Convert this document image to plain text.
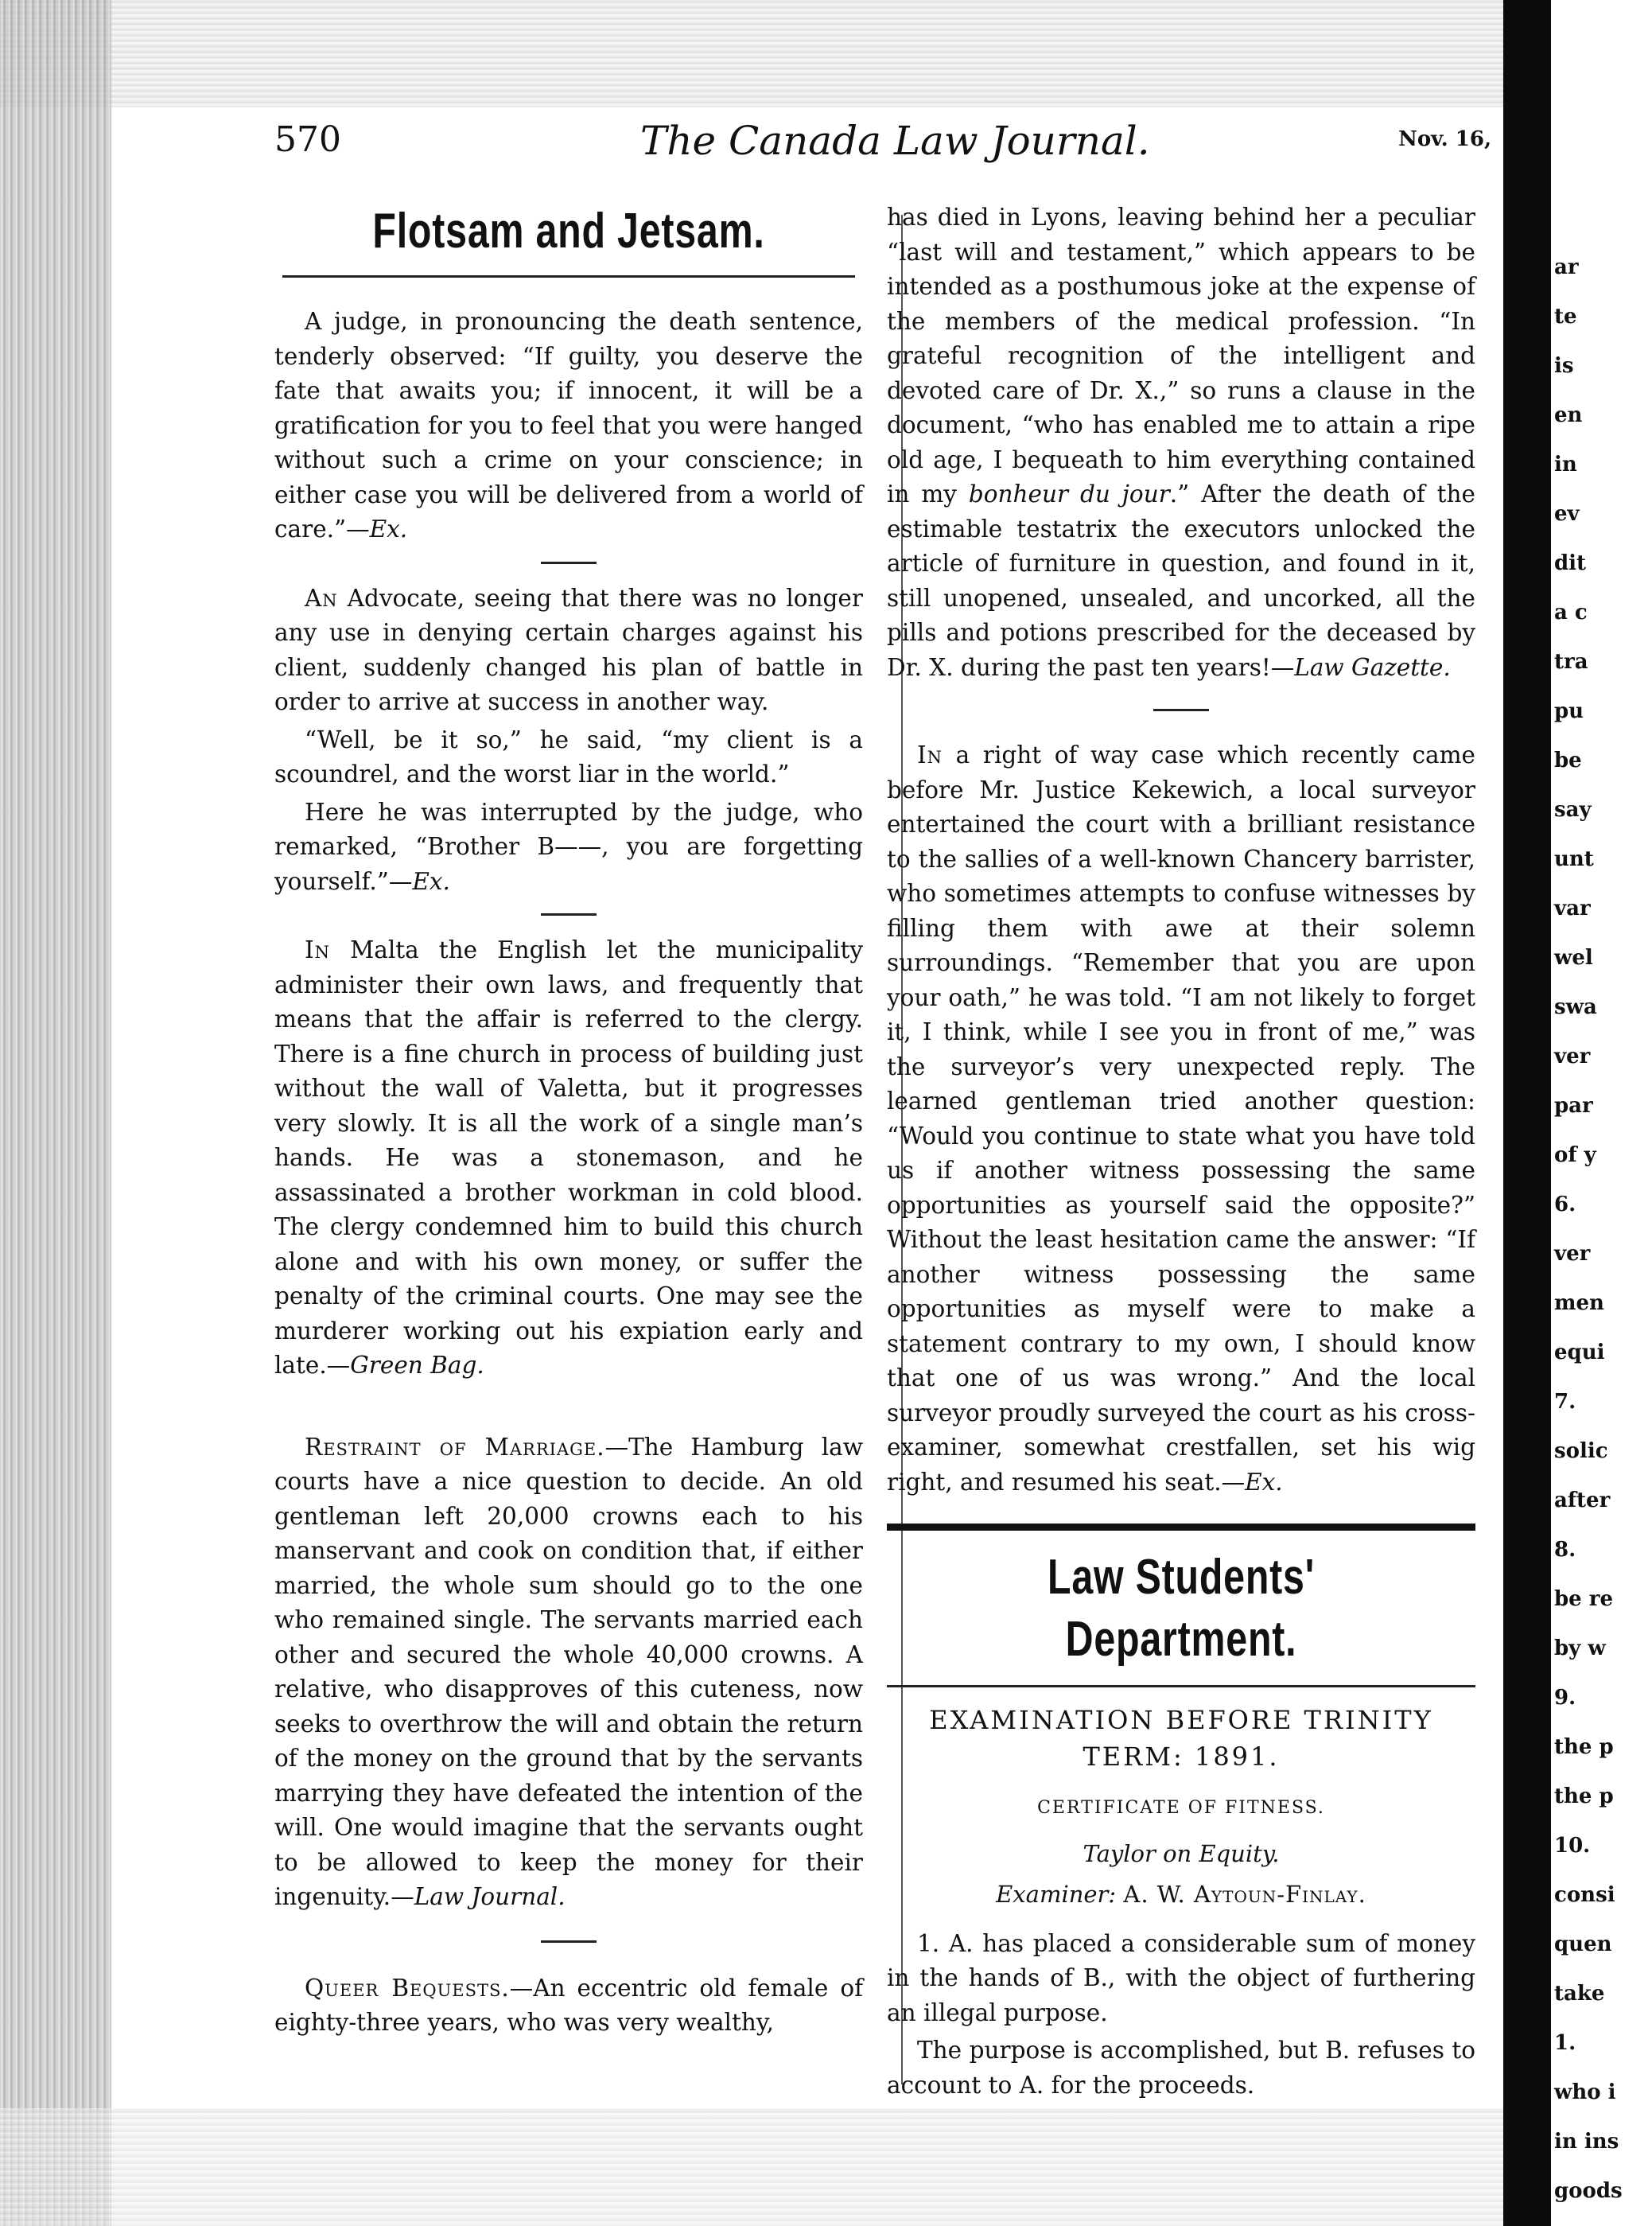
570	The Canada Law Journal.	Nov. 16,
Flotsam and Jetsam.

A judge, in pronouncing the death sentence, tenderly observed: “If guilty, you deserve the fate that awaits you; if innocent, it will be a gratification for you to feel that you were hanged without such a crime on your conscience; in either case you will be delivered from a world of care.”—Ex.

An Advocate, seeing that there was no longer any use in denying certain charges against his client, suddenly changed his plan of battle in order to arrive at success in another way.

“Well, be it so,” he said, “my client is a scoundrel, and the worst liar in the world.”

Here he was interrupted by the judge, who remarked, “Brother B——, you are forgetting yourself.”—Ex.

In Malta the English let the municipality administer their own laws, and frequently that means that the affair is referred to the clergy. There is a fine church in process of building just without the wall of Valetta, but it progresses very slowly. It is all the work of a single man’s hands. He was a stonemason, and he assassinated a brother workman in cold blood. The clergy condemned him to build this church alone and with his own money, or suffer the penalty of the criminal courts. One may see the murderer working out his expiation early and late.—Green Bag.

Restraint of Marriage.—The Hamburg law courts have a nice question to decide. An old gentleman left 20,000 crowns each to his manservant and cook on condition that, if either married, the whole sum should go to the one who remained single. The servants married each other and secured the whole 40,000 crowns. A relative, who disapproves of this cuteness, now seeks to overthrow the will and obtain the return of the money on the ground that by the servants marrying they have defeated the intention of the will. One would imagine that the servants ought to be allowed to keep the money for their ingenuity.—Law Journal.

Queer Bequests.—An eccentric old female of eighty-three years, who was very wealthy,

has died in Lyons, leaving behind her a peculiar “last will and testament,” which appears to be intended as a posthumous joke at the expense of the members of the medical profession. “In grateful recognition of the intelligent and devoted care of Dr. X.,” so runs a clause in the document, “who has enabled me to attain a ripe old age, I bequeath to him everything contained in my bonheur du jour.” After the death of the estimable testatrix the executors unlocked the article of furniture in question, and found in it, still unopened, unsealed, and uncorked, all the pills and potions prescribed for the deceased by Dr. X. during the past ten years!—Law Gazette.

In a right of way case which recently came before Mr. Justice Kekewich, a local surveyor entertained the court with a brilliant resistance to the sallies of a well-known Chancery barrister, who sometimes attempts to confuse witnesses by filling them with awe at their solemn surroundings. “Remember that you are upon your oath,” he was told. “I am not likely to forget it, I think, while I see you in front of me,” was the surveyor’s very unexpected reply. The learned gentleman tried another question: “Would you continue to state what you have told us if another witness possessing the same opportunities as yourself said the opposite?” Without the least hesitation came the answer: “If another witness possessing the same opportunities as myself were to make a statement contrary to my own, I should know that one of us was wrong.” And the local surveyor proudly surveyed the court as his cross-examiner, somewhat crestfallen, set his wig right, and resumed his seat.—Ex.

Law Students' Department.
EXAMINATION BEFORE TRINITY TERM: 1891.
CERTIFICATE OF FITNESS.
Taylor on Equity.
Examiner: A. W. Aytoun-Finlay.

1. A. has placed a considerable sum of money in the hands of B., with the object of furthering an illegal purpose.

The purpose is accomplished, but B. refuses to account to A. for the proceeds.

ar
te
is
en
in
ev
dit
a c
tra
pu
be
say
unt
var
wel
swa
ver
par
of y
6.
ver
men
equi
7.
solic
after
8.
be re
by w
9.
the p
the p
10.
consi
quen
take
1.
who i
in ins
goods
